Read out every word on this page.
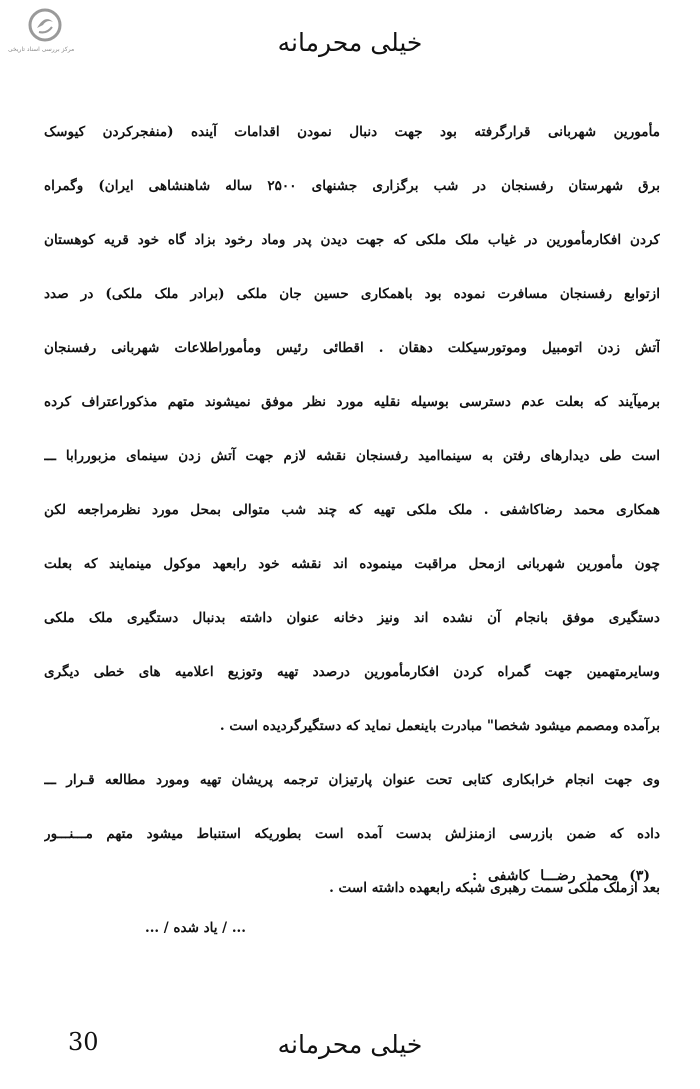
مرکز بررسی اسناد تاریخی	خیلی محرمانه
مأمورین شهربانی قرارگرفته بود جهت دنبال نمودن اقدامات آینده (منفجرکردن کیوسک
برق شهرستان رفسنجان در شب برگزاری جشنهای ۲۵۰۰ ساله شاهنشاهی ایران) وگمراه
کردن افکارمأمورین در غیاب ملک ملکی که جهت دیدن پدر وماد رخود بزاد گاه خود قریه کوهستان
ازتوابع رفسنجان مسافرت نموده بود باهمکاری حسین جان ملکی (برادر ملک ملکی) در صدد
آتش زدن اتومبیل وموتورسیکلت دهقان . اقطائی رئیس ومأموراطلاعات شهربانی رفسنجان
برمیآیند که بعلت عدم دسترسی بوسیله نقلیه مورد نظر موفق نمیشوند متهم مذکوراعتراف کرده
است طی دیدارهای رفتن به سینماامید رفسنجان نقشه لازم جهت آتش زدن سینمای مزبوررابا ـــ
همکاری محمد رضاکاشفی . ملک ملکی تهیه که چند شب متوالی بمحل مورد نظرمراجعه لکن
چون مأمورین شهربانی ازمحل مراقبت مینموده اند نقشه خود رابعهد موکول مینمایند که بعلت
دستگیری موفق بانجام آن نشده اند ونیز دخانه عنوان داشته بدنبال دستگیری ملک ملکی
وسایرمتهمین جهت گمراه کردن افکارمأمورین درصدد تهیه وتوزیع اعلامیه های خطی دیگری
برآمده ومصمم میشود شخصا" مبادرت باینعمل نماید که دستگیرگردیده است .
وی جهت انجام خرابکاری کتابی تحت عنوان پارتیزان ترجمه پریشان تهیه ومورد مطالعه قـرار ـــ
داده که ضمن بازرسی ازمنزلش بدست آمده است بطوریکه استنباط میشود متهم مـــنـــور
بعد ازملک ملکی سمت رهبری شبکه رابعهده داشته است .
(۳) محمد رضـــا کاشفی :
... / یاد شده / ...
30	خیلی محرمانه
